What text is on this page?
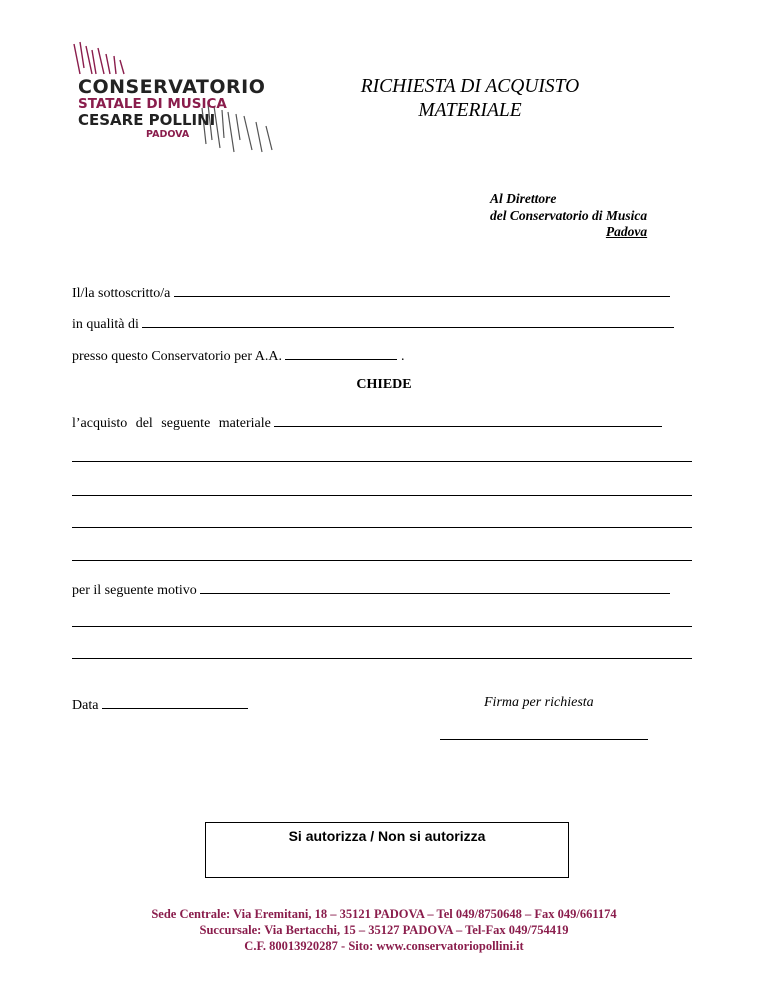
CONSERVATORIO
STATALE DI MUSICA
CESARE POLLINI
PADOVA
RICHIESTA DI ACQUISTO
MATERIALE
Al Direttore
del Conservatorio di Musica
Padova
Il/la sottoscritto/a
in qualità di
presso questo Conservatorio per A.A.	.
CHIEDE
l’acquisto del seguente materiale
per il seguente motivo
Data	Firma per richiesta
Si autorizza / Non si autorizza
Sede Centrale: Via Eremitani, 18 – 35121 PADOVA – Tel 049/8750648 – Fax 049/661174
Succursale: Via Bertacchi, 15 – 35127 PADOVA – Tel-Fax 049/754419
C.F. 80013920287 - Sito: www.conservatoriopollini.it
